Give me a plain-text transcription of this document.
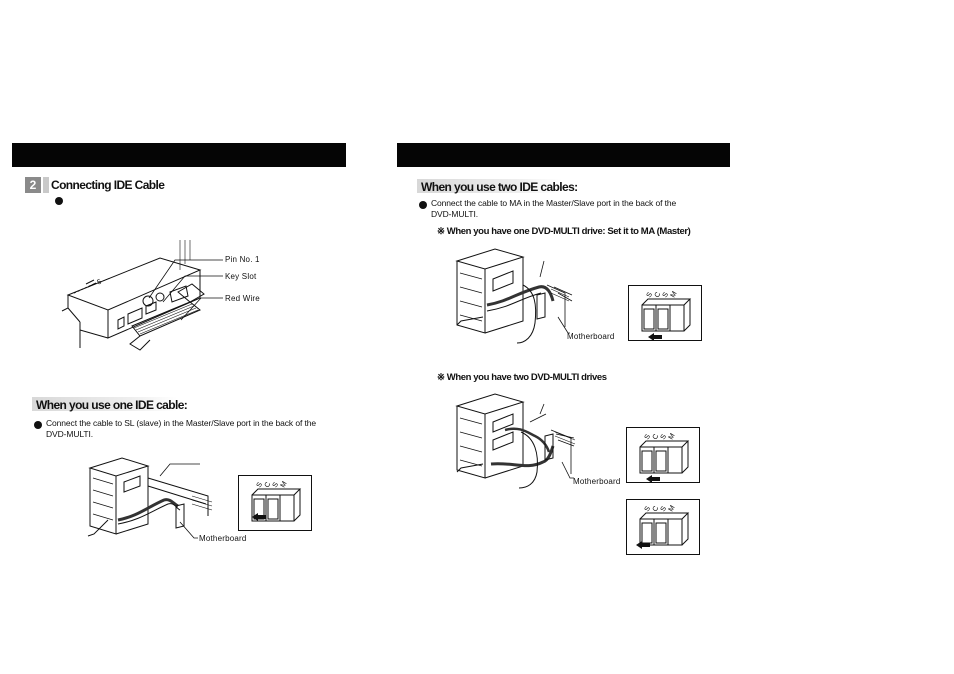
2	Connecting IDE Cable
— 5 —
Pin No. 1
Key Slot
Red Wire
When you use one IDE cable:
Connect the cable to SL (slave) in the Master/Slave port in the back of the
DVD-MULTI.
Motherboard
S C S M
When you use two IDE cables:
Connect the cable to MA in the Master/Slave port in the back of the
DVD-MULTI.
※ When you have one DVD-MULTI drive: Set it to MA (Master)
Motherboard
S C S M
※ When you have two DVD-MULTI drives
Motherboard
S C S M
S C S M
